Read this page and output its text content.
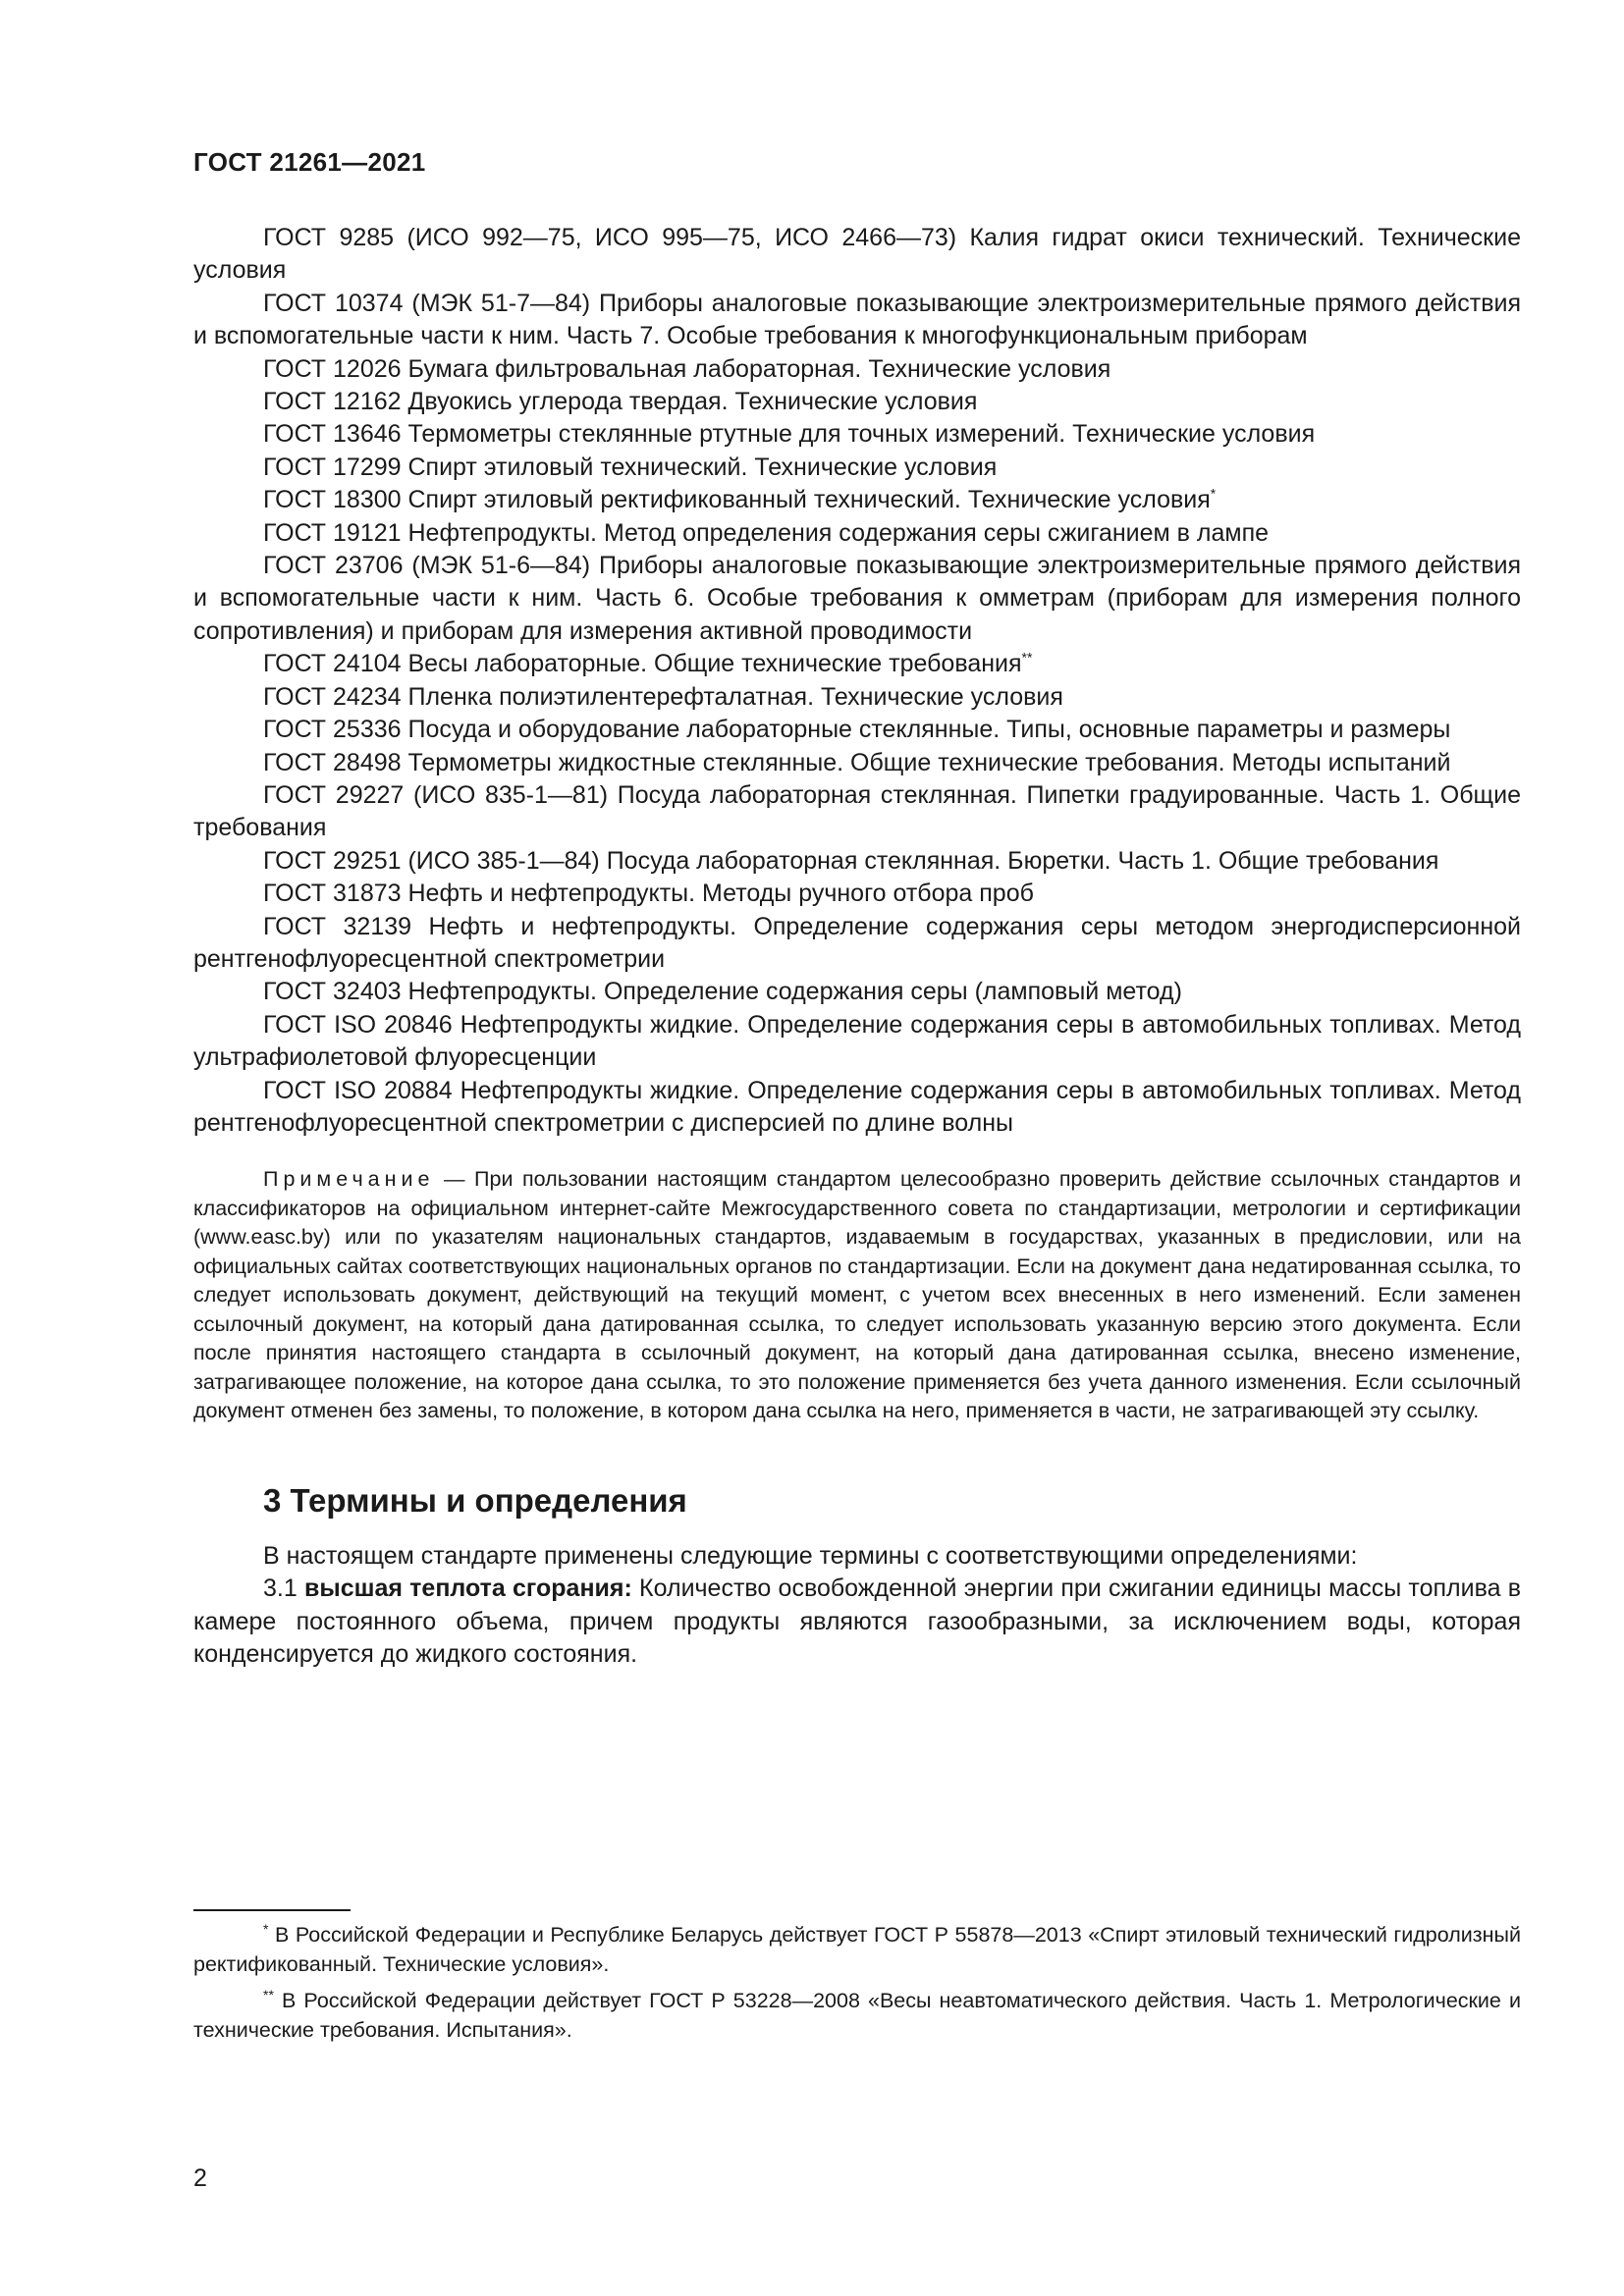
ГОСТ 21261—2021

ГОСТ 9285 (ИСО 992—75, ИСО 995—75, ИСО 2466—73) Калия гидрат окиси технический. Технические условия

ГОСТ 10374 (МЭК 51-7—84) Приборы аналоговые показывающие электроизмерительные прямого действия и вспомогательные части к ним. Часть 7. Особые требования к многофункциональным приборам

ГОСТ 12026 Бумага фильтровальная лабораторная. Технические условия

ГОСТ 12162 Двуокись углерода твердая. Технические условия

ГОСТ 13646 Термометры стеклянные ртутные для точных измерений. Технические условия

ГОСТ 17299 Спирт этиловый технический. Технические условия

ГОСТ 18300 Спирт этиловый ректификованный технический. Технические условия*

ГОСТ 19121 Нефтепродукты. Метод определения содержания серы сжиганием в лампе

ГОСТ 23706 (МЭК 51-6—84) Приборы аналоговые показывающие электроизмерительные прямого действия и вспомогательные части к ним. Часть 6. Особые требования к омметрам (приборам для измерения полного сопротивления) и приборам для измерения активной проводимости

ГОСТ 24104 Весы лабораторные. Общие технические требования**

ГОСТ 24234 Пленка полиэтилентерефталатная. Технические условия

ГОСТ 25336 Посуда и оборудование лабораторные стеклянные. Типы, основные параметры и размеры

ГОСТ 28498 Термометры жидкостные стеклянные. Общие технические требования. Методы испытаний

ГОСТ 29227 (ИСО 835-1—81) Посуда лабораторная стеклянная. Пипетки градуированные. Часть 1. Общие требования

ГОСТ 29251 (ИСО 385-1—84) Посуда лабораторная стеклянная. Бюретки. Часть 1. Общие требования

ГОСТ 31873 Нефть и нефтепродукты. Методы ручного отбора проб

ГОСТ 32139 Нефть и нефтепродукты. Определение содержания серы методом энергодисперсионной рентгенофлуоресцентной спектрометрии

ГОСТ 32403 Нефтепродукты. Определение содержания серы (ламповый метод)

ГОСТ ISO 20846 Нефтепродукты жидкие. Определение содержания серы в автомобильных топливах. Метод ультрафиолетовой флуоресценции

ГОСТ ISO 20884 Нефтепродукты жидкие. Определение содержания серы в автомобильных топливах. Метод рентгенофлуоресцентной спектрометрии с дисперсией по длине волны

Примечание — При пользовании настоящим стандартом целесообразно проверить действие ссылочных стандартов и классификаторов на официальном интернет-сайте Межгосударственного совета по стандартизации, метрологии и сертификации (www.easc.by) или по указателям национальных стандартов, издаваемым в государствах, указанных в предисловии, или на официальных сайтах соответствующих национальных органов по стандартизации. Если на документ дана недатированная ссылка, то следует использовать документ, действующий на текущий момент, с учетом всех внесенных в него изменений. Если заменен ссылочный документ, на который дана датированная ссылка, то следует использовать указанную версию этого документа. Если после принятия настоящего стандарта в ссылочный документ, на который дана датированная ссылка, внесено изменение, затрагивающее положение, на которое дана ссылка, то это положение применяется без учета данного изменения. Если ссылочный документ отменен без замены, то положение, в котором дана ссылка на него, применяется в части, не затрагивающей эту ссылку.

3 Термины и определения

В настоящем стандарте применены следующие термины с соответствующими определениями:

3.1 высшая теплота сгорания: Количество освобожденной энергии при сжигании единицы массы топлива в камере постоянного объема, причем продукты являются газообразными, за исключением воды, которая конденсируется до жидкого состояния.

* В Российской Федерации и Республике Беларусь действует ГОСТ Р 55878—2013 «Спирт этиловый технический гидролизный ректификованный. Технические условия».

** В Российской Федерации действует ГОСТ Р 53228—2008 «Весы неавтоматического действия. Часть 1. Метрологические и технические требования. Испытания».

2
